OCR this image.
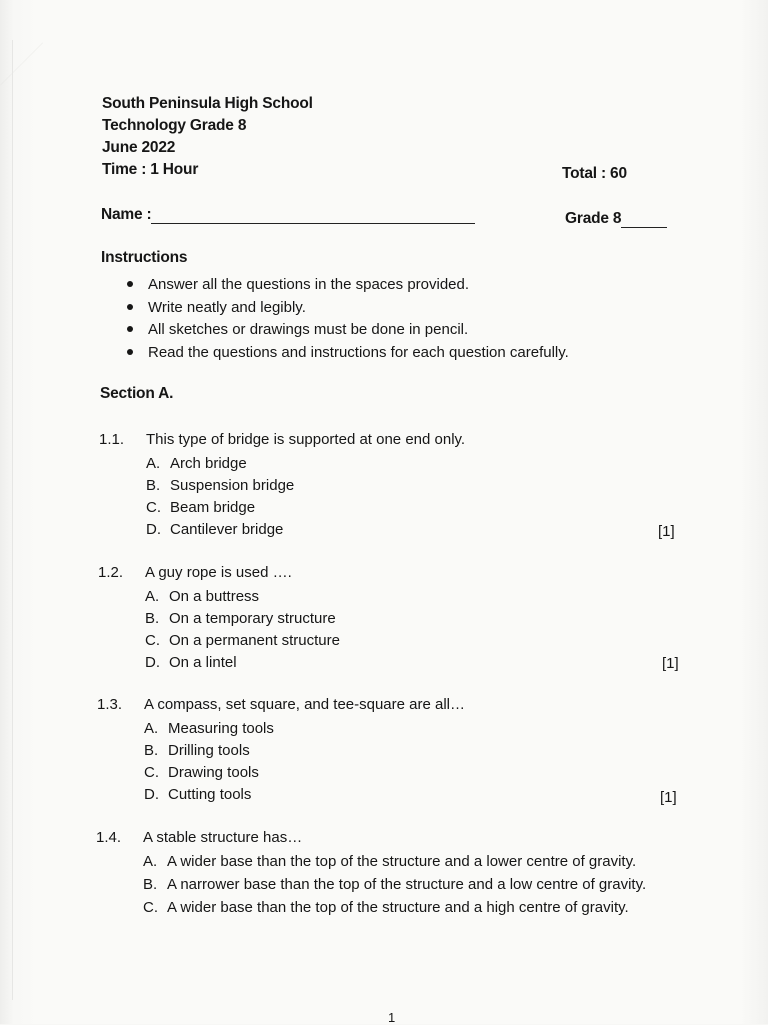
South Peninsula High School
Technology Grade 8
June 2022
Time : 1 Hour	Total : 60
Name :	Grade 8
Instructions
Answer all the questions in the spaces provided.
Write neatly and legibly.
All sketches or drawings must be done in pencil.
Read the questions and instructions for each question carefully.
Section A.
1.1. This type of bridge is supported at one end only.
A. Arch bridge
B. Suspension bridge
C. Beam bridge
D. Cantilever bridge	[1]
1.2. A guy rope is used ….
A. On a buttress
B. On a temporary structure
C. On a permanent structure
D. On a lintel	[1]
1.3. A compass, set square, and tee-square are all…
A. Measuring tools
B. Drilling tools
C. Drawing tools
D. Cutting tools	[1]
1.4. A stable structure has…
A. A wider base than the top of the structure and a lower centre of gravity.
B. A narrower base than the top of the structure and a low centre of gravity.
C. A wider base than the top of the structure and a high centre of gravity.
1
